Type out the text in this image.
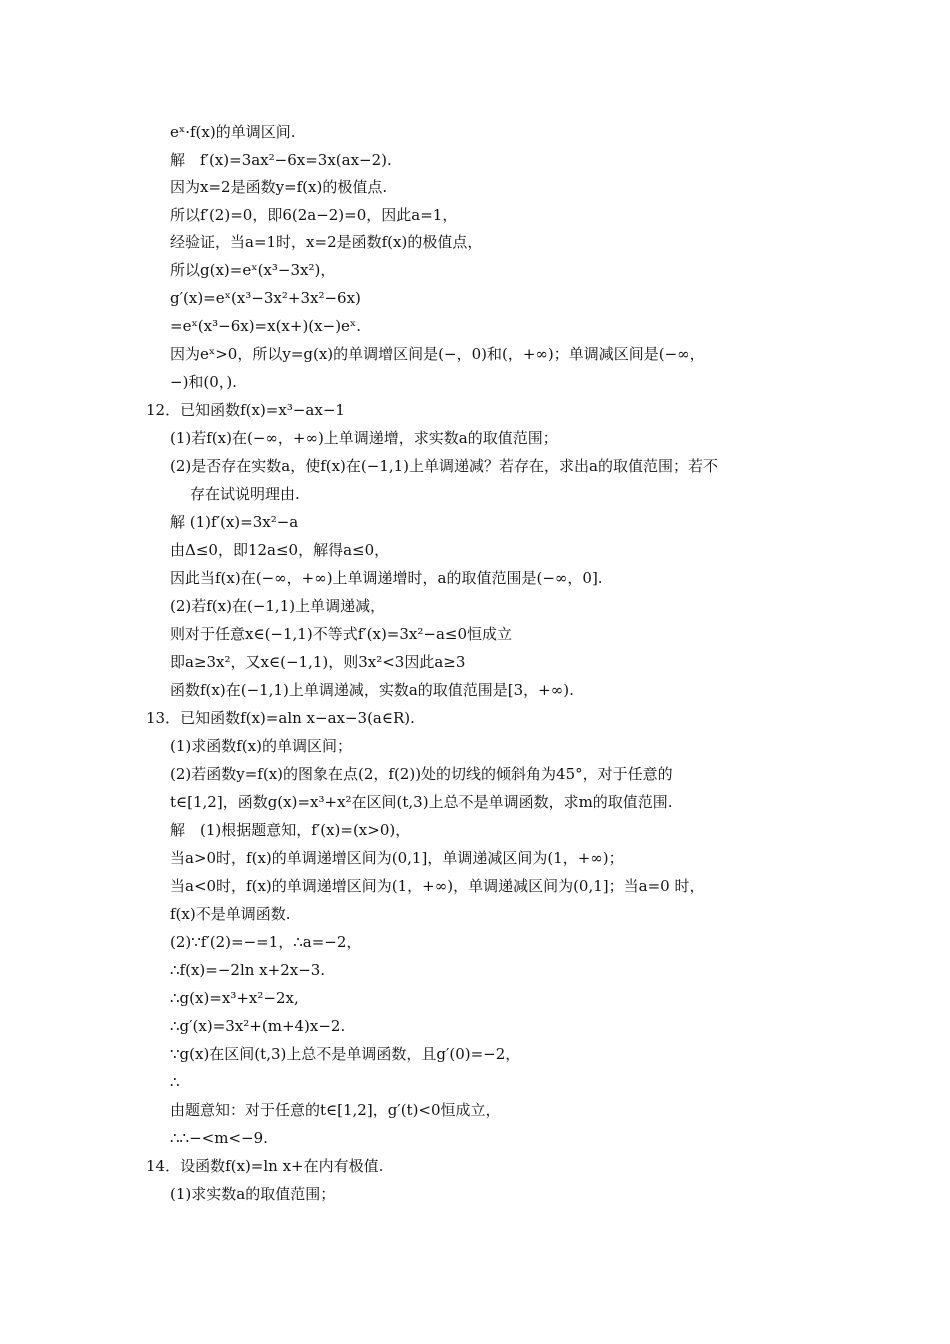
eˣ·f(x)的单调区间.
解　f′(x)=3ax²−6x=3x(ax−2).
因为x=2是函数y=f(x)的极值点.
所以f′(2)=0，即6(2a−2)=0，因此a=1，
经验证，当a=1时，x=2是函数f(x)的极值点，
所以g(x)=eˣ(x³−3x²)，
g′(x)=eˣ(x³−3x²+3x²−6x)
=eˣ(x³−6x)=x(x+)(x−)eˣ.
因为eˣ>0，所以y=g(x)的单调增区间是(−，0)和(，+∞)；单调减区间是(−∞，
−)和(0，).
12．已知函数f(x)=x³−ax−1
(1)若f(x)在(−∞，+∞)上单调递增，求实数a的取值范围；
(2)是否存在实数a，使f(x)在(−1,1)上单调递减？若存在，求出a的取值范围；若不
存在试说明理由.
解 (1)f′(x)=3x²−a
由Δ≤0，即12a≤0，解得a≤0，
因此当f(x)在(−∞，+∞)上单调递增时，a的取值范围是(−∞，0].
(2)若f(x)在(−1,1)上单调递减，
则对于任意x∈(−1,1)不等式f′(x)=3x²−a≤0恒成立
即a≥3x²，又x∈(−1,1)，则3x²<3因此a≥3
函数f(x)在(−1,1)上单调递减，实数a的取值范围是[3，+∞).
13．已知函数f(x)=aln x−ax−3(a∈R).
(1)求函数f(x)的单调区间；
(2)若函数y=f(x)的图象在点(2，f(2))处的切线的倾斜角为45°，对于任意的
t∈[1,2]，函数g(x)=x³+x²在区间(t,3)上总不是单调函数，求m的取值范围.
解　(1)根据题意知，f′(x)=(x>0)，
当a>0时，f(x)的单调递增区间为(0,1]，单调递减区间为(1，+∞)；
当a<0时，f(x)的单调递增区间为(1，+∞)，单调递减区间为(0,1]；当a=0 时，
f(x)不是单调函数.
(2)∵f′(2)=−=1，∴a=−2，
∴f(x)=−2ln x+2x−3.
∴g(x)=x³+x²−2x,
∴g′(x)=3x²+(m+4)x−2.
∵g(x)在区间(t,3)上总不是单调函数，且g′(0)=−2，
∴
由题意知：对于任意的t∈[1,2]，g′(t)<0恒成立，
∴∴−<m<−9.
14．设函数f(x)=ln x+在内有极值.
(1)求实数a的取值范围；
